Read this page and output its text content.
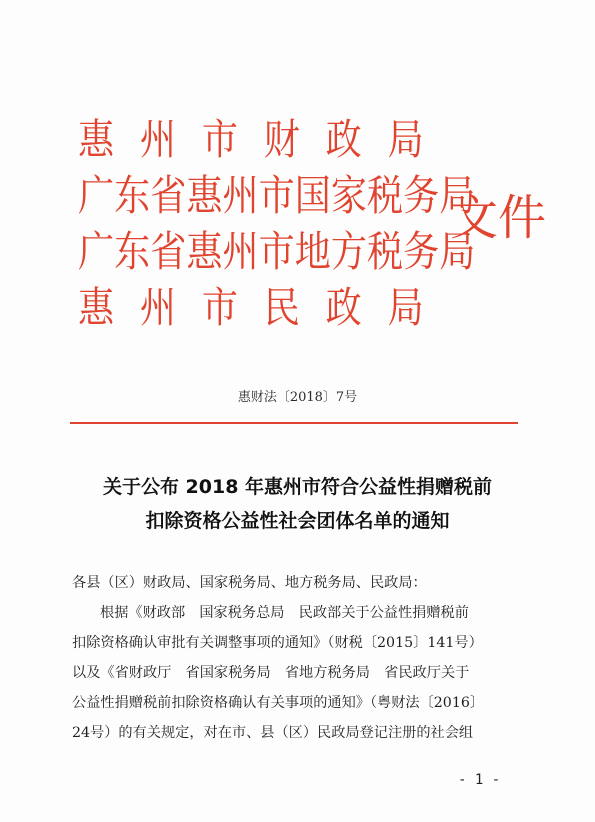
惠州市财政局
广东省惠州市国家税务局
广东省惠州市地方税务局
惠州市民政局
文件
惠财法〔2018〕7号
关于公布 2018 年惠州市符合公益性捐赠税前
扣除资格公益性社会团体名单的通知
各县（区）财政局、国家税务局、地方税务局、民政局：
根据《财政部　国家税务总局　民政部关于公益性捐赠税前
扣除资格确认审批有关调整事项的通知》（财税〔2015〕141号）
以及《省财政厅　省国家税务局　省地方税务局　省民政厅关于
公益性捐赠税前扣除资格确认有关事项的通知》（粤财法〔2016〕
24号）的有关规定，对在市、县（区）民政局登记注册的社会组
- 1 -
